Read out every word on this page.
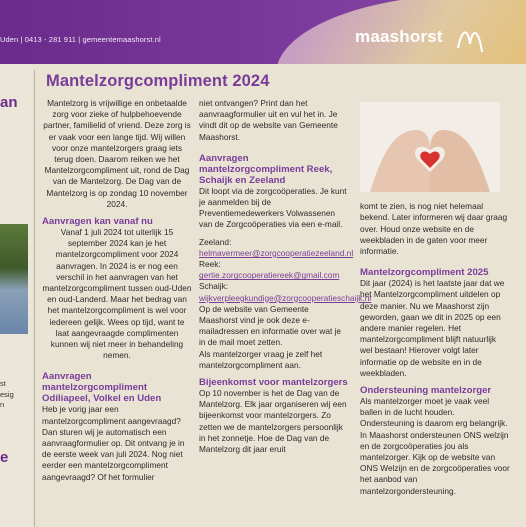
Uden | 0413 - 281 911 | gemeentemaashorst.nl	maashorst
an
st
esig
n
e
Mantelzorgcompliment 2024

Mantelzorg is vrijwillige en onbetaalde zorg voor zieke of hulpbehoevende partner, familielid of vriend. Deze zorg is er vaak voor een lange tijd. Wij willen voor onze mantelzorgers graag iets terug doen. Daarom reiken we het Mantelzorgcompliment uit, rond de Dag van de Mantelzorg. De Dag van de Mantelzorg is op zondag 10 november 2024.

Aanvragen kan vanaf nu

Vanaf 1 juli 2024 tot uiterlijk 15 september 2024 kan je het mantelzorgcompliment voor 2024 aanvragen. In 2024 is er nog een verschil in het aanvragen van het mantelzorgcompliment tussen oud-Uden en oud-Landerd. Maar het bedrag van het mantelzorgcompliment is wel voor iedereen gelijk. Wees op tijd, want te laat aangevraagde complimenten kunnen wij niet meer in behandeling nemen.

Aanvragen mantelzorgcompliment Odiliapeel, Volkel en Uden

Heb je vorig jaar een mantelzorgcompliment aangevraagd? Dan sturen wij je automatisch een aanvraagformulier op. Dit ontvang je in de eerste week van juli 2024. Nog niet eerder een mantelzorgcompliment aangevraagd? Of het formulier

niet ontvangen? Print dan het aanvraagformulier uit en vul het in. Je vindt dit op de website van Gemeente Maashorst.

Aanvragen mantelzorgcompliment Reek, Schaijk en Zeeland

Dit loopt via de zorgcoöperaties. Je kunt je aanmelden bij de Preventiemedewerkers Volwassenen van de Zorgcoöperaties via een e-mail.

Zeeland: helmavermeer@zorgcooperatiezeeland.nl

Reek: gertie.zorgcooperatiereek@gmail.com

Schaijk: wijkverpleegkundige@zorgcooperatieschaijk.nl

Op de website van Gemeente Maashorst vind je ook deze e-mailadressen en informatie over wat je in de mail moet zetten.

Als mantelzorger vraag je zelf het mantelzorgcompliment aan.

Bijeenkomst voor mantelzorgers

Op 10 november is het de Dag van de Mantelzorg. Elk jaar organiseren wij een bijeenkomst voor mantelzorgers. Zo zetten we de mantelzorgers persoonlijk in het zonnetje. Hoe de Dag van de Mantelzorg dit jaar eruit

komt te zien, is nog niet helemaal bekend. Later informeren wij daar graag over. Houd onze website en de weekbladen in de gaten voor meer informatie.

Mantelzorgcompliment 2025

Dit jaar (2024) is het laatste jaar dat we het Mantelzorgcompliment uitdelen op deze manier. Nu we Maashorst zijn geworden, gaan we dit in 2025 op een andere manier regelen. Het mantelzorgcompliment blijft natuurlijk wel bestaan! Hierover volgt later informatie op de website en in de weekbladen.

Ondersteuning mantelzorger

Als mantelzorger moet je vaak veel ballen in de lucht houden. Ondersteuning is daarom erg belangrijk. In Maashorst ondersteunen ONS welzijn en de zorgcoöperaties jou als mantelzorger. Kijk op de website van ONS Welzijn en de zorgcoöperaties voor het aanbod van mantelzorgondersteuning.
